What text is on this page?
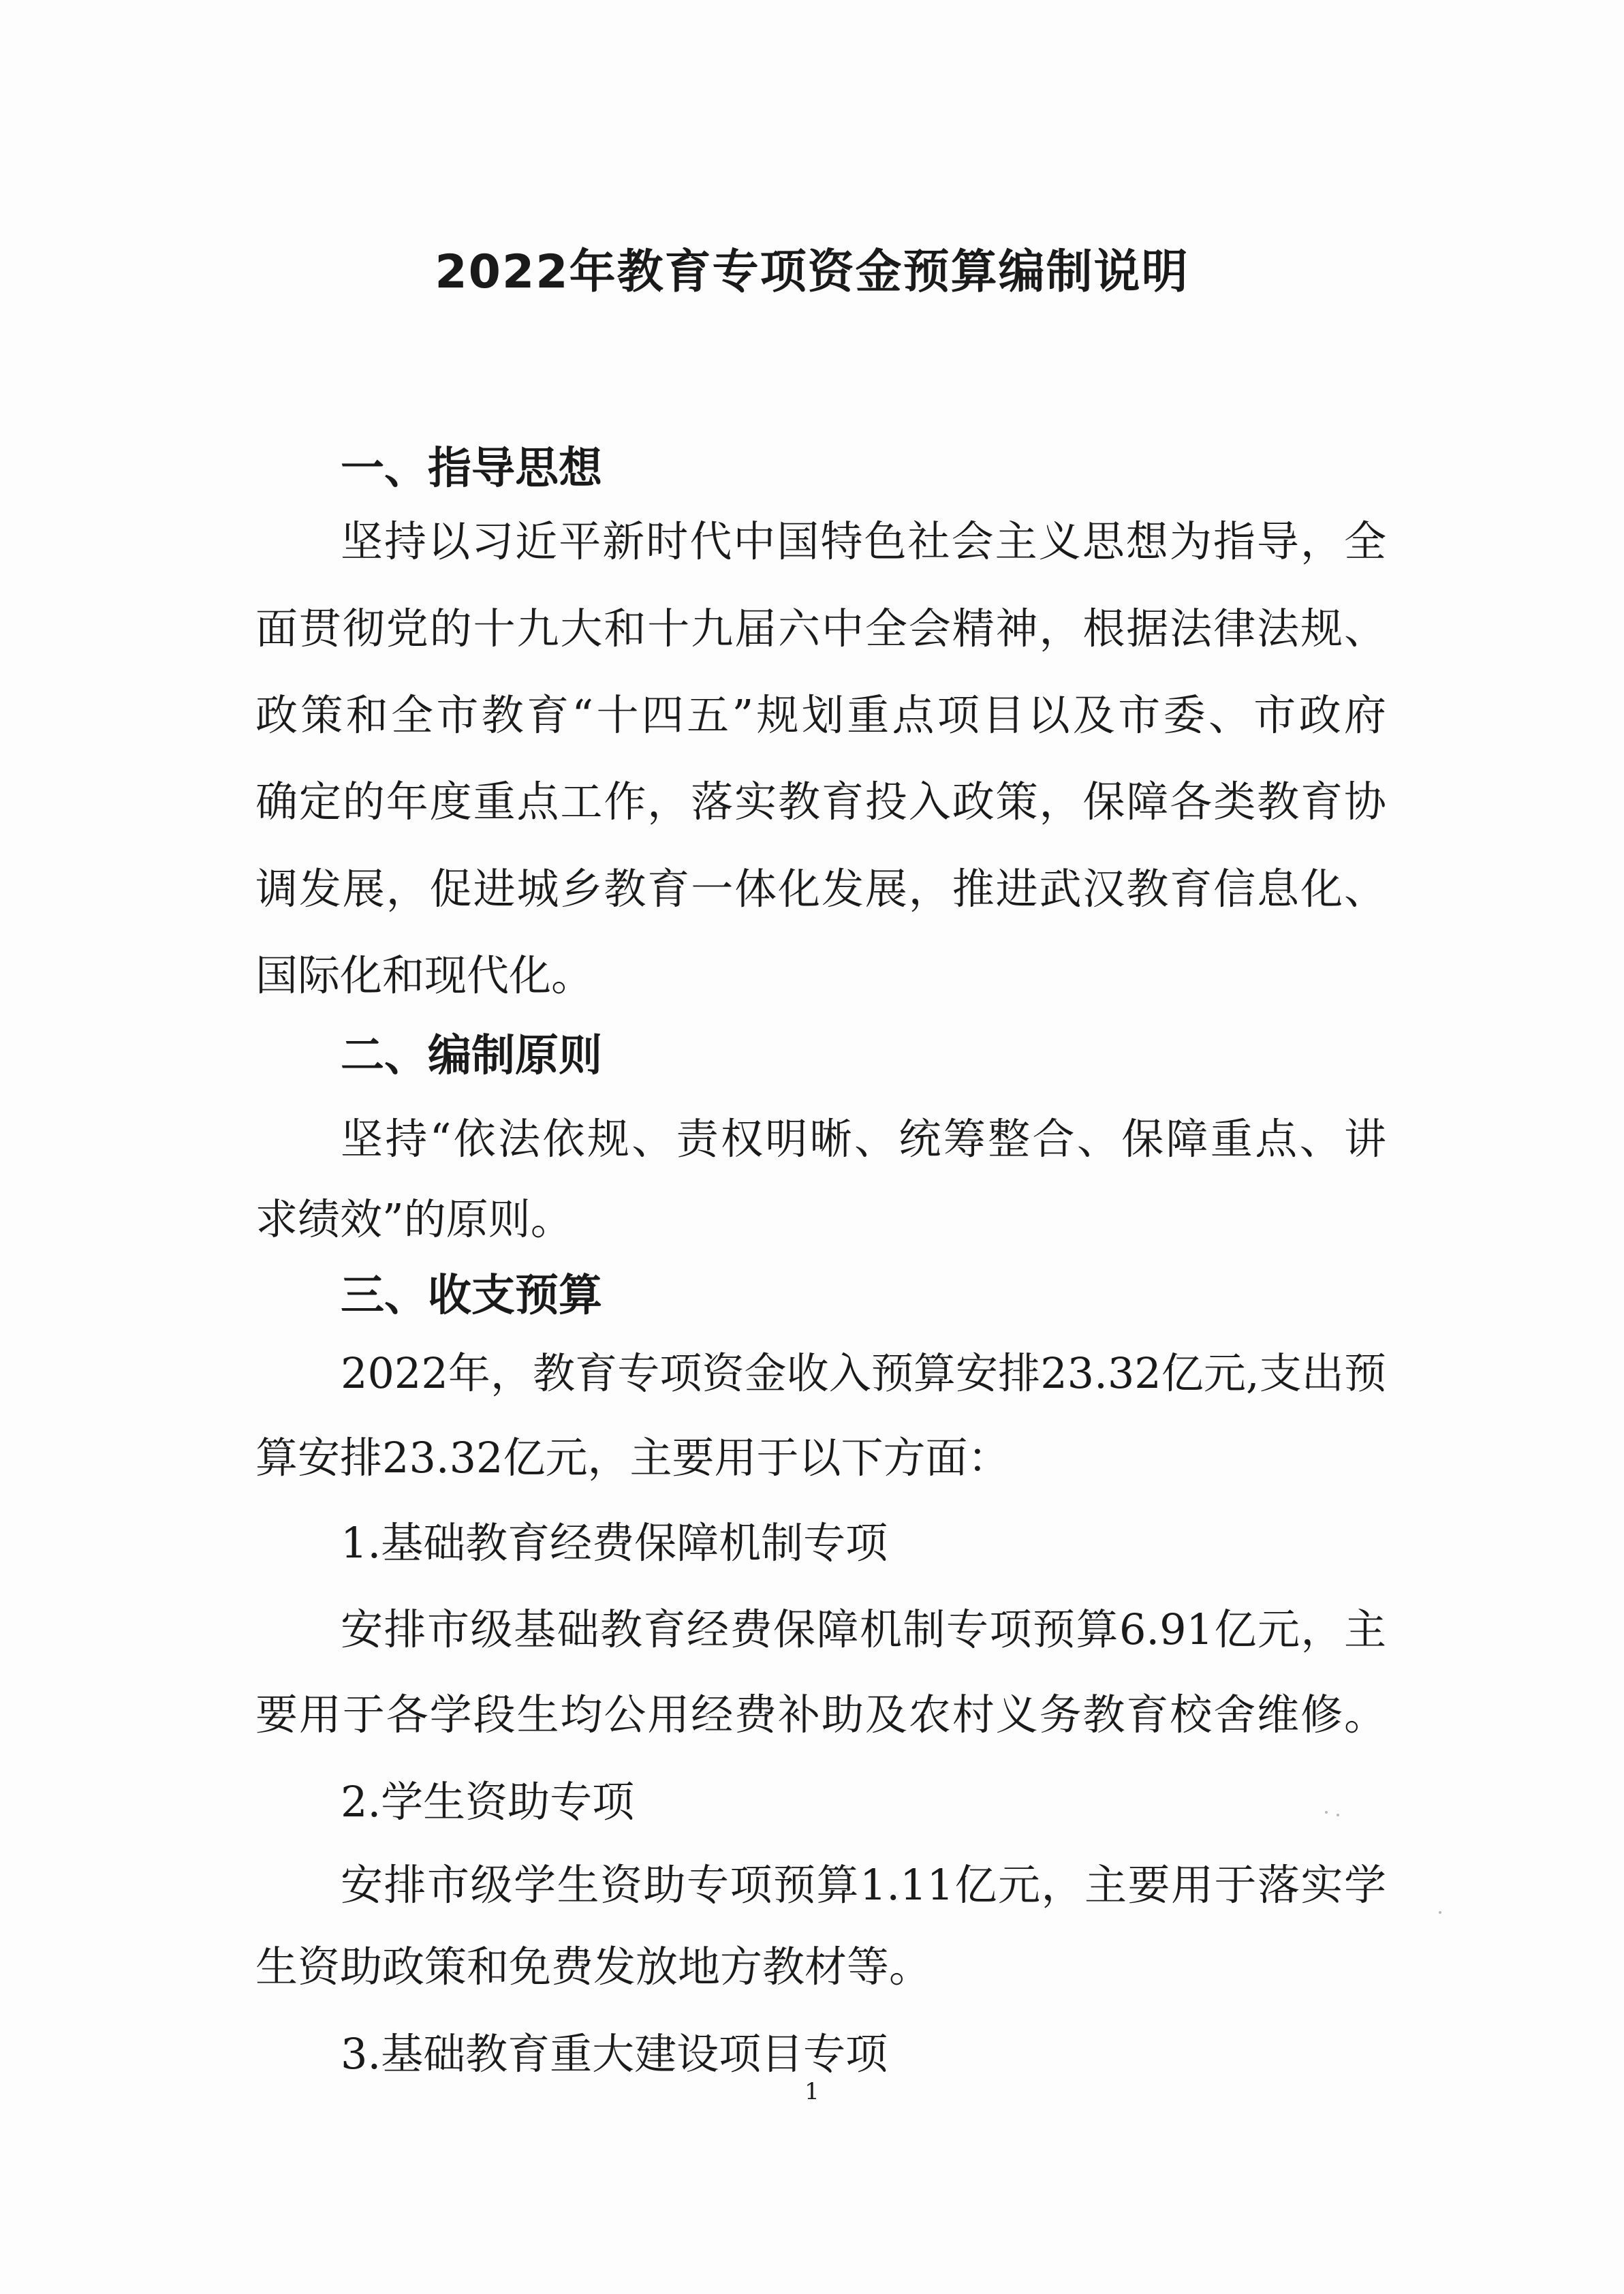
2022年教育专项资金预算编制说明
一、指导思想
坚持以习近平新时代中国特色社会主义思想为指导，全
面贯彻党的十九大和十九届六中全会精神，根据法律法规、
政策和全市教育“十四五”规划重点项目以及市委、市政府
确定的年度重点工作，落实教育投入政策，保障各类教育协
调发展，促进城乡教育一体化发展，推进武汉教育信息化、
国际化和现代化。
二、编制原则
坚持“依法依规、责权明晰、统筹整合、保障重点、讲
求绩效”的原则。
三、收支预算
2022年，教育专项资金收入预算安排23.32亿元,支出预
算安排23.32亿元，主要用于以下方面：
1.基础教育经费保障机制专项
安排市级基础教育经费保障机制专项预算6.91亿元，主
要用于各学段生均公用经费补助及农村义务教育校舍维修。
2.学生资助专项
安排市级学生资助专项预算1.11亿元，主要用于落实学
生资助政策和免费发放地方教材等。
3.基础教育重大建设项目专项
1
